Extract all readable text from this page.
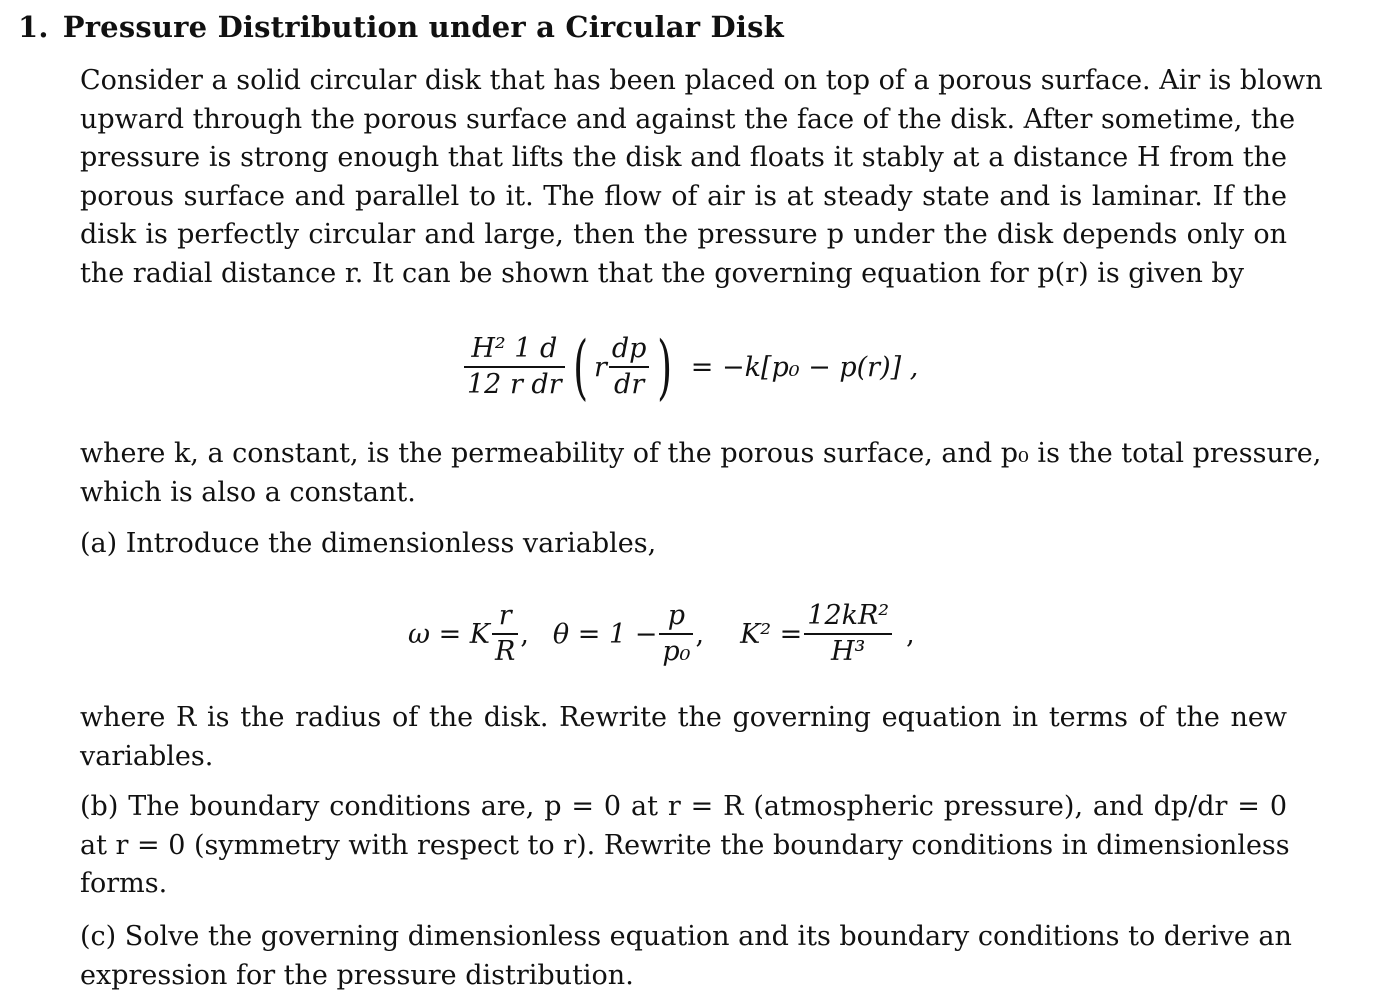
1. Pressure Distribution under a Circular Disk
Consider a solid circular disk that has been placed on top of a porous surface. Air is blown
upward through the porous surface and against the face of the disk. After sometime, the
pressure is strong enough that lifts the disk and floats it stably at a distance H from the
porous surface and parallel to it. The flow of air is at steady state and is laminar. If the
disk is perfectly circular and large, then the pressure p under the disk depends only on
the radial distance r. It can be shown that the governing equation for p(r) is given by
$\frac{\text{H² 1 d}}{\text{12 r dr}}$ ( r $\frac{dp}{dr}$ ) = −k[p₀ − p(r)] ,
where k, a constant, is the permeability of the porous surface, and p₀ is the total pressure,
which is also a constant.
(a) Introduce the dimensionless variables,
ω = K $\frac{r}{R}$ , $\theta = 1 - \frac{p}{\text{p₀}}$ , $K^2 = \frac{\text{12kR²}}{\text{H³}}$ ,
where R is the radius of the disk. Rewrite the governing equation in terms of the new
variables.
(b) The boundary conditions are, p = 0 at r = R (atmospheric pressure), and dp/dr = 0
at r = 0 (symmetry with respect to r). Rewrite the boundary conditions in dimensionless
forms.
(c) Solve the governing dimensionless equation and its boundary conditions to derive an
expression for the pressure distribution.
